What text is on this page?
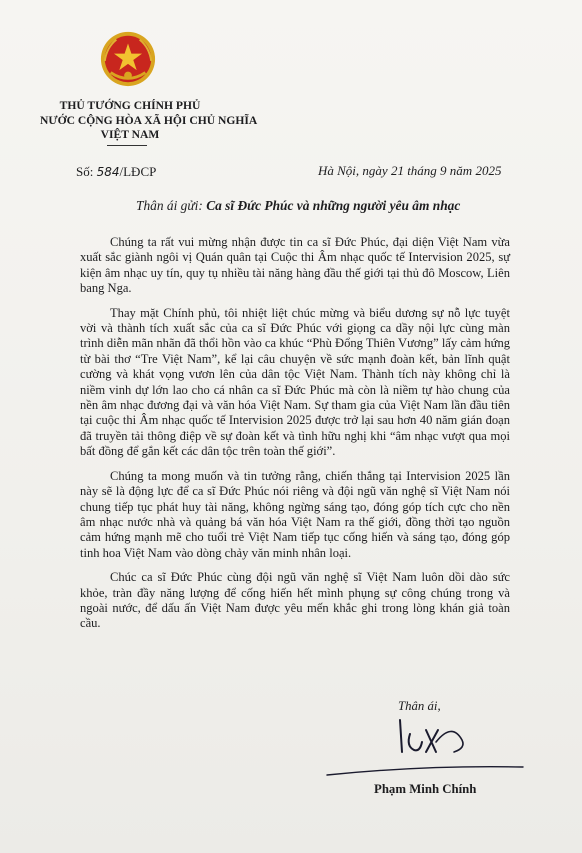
THỦ TƯỚNG CHÍNH PHỦ
NƯỚC CỘNG HÒA XÃ HỘI CHỦ NGHĨA
VIỆT NAM
Số: 584/LĐCP	Hà Nội, ngày 21 tháng 9 năm 2025
Thân ái gửi: Ca sĩ Đức Phúc và những người yêu âm nhạc

Chúng ta rất vui mừng nhận được tin ca sĩ Đức Phúc, đại diện Việt Nam vừa xuất sắc giành ngôi vị Quán quân tại Cuộc thi Âm nhạc quốc tế Intervision 2025, sự kiện âm nhạc uy tín, quy tụ nhiều tài năng hàng đầu thế giới tại thủ đô Moscow, Liên bang Nga.

Thay mặt Chính phủ, tôi nhiệt liệt chúc mừng và biểu dương sự nỗ lực tuyệt vời và thành tích xuất sắc của ca sĩ Đức Phúc với giọng ca dầy nội lực cùng màn trình diễn mãn nhãn đã thổi hồn vào ca khúc “Phù Đổng Thiên Vương” lấy cảm hứng từ bài thơ “Tre Việt Nam”, kể lại câu chuyện về sức mạnh đoàn kết, bản lĩnh quật cường và khát vọng vươn lên của dân tộc Việt Nam. Thành tích này không chỉ là niềm vinh dự lớn lao cho cá nhân ca sĩ Đức Phúc mà còn là niềm tự hào chung của nền âm nhạc đương đại và văn hóa Việt Nam. Sự tham gia của Việt Nam lần đầu tiên tại cuộc thi Âm nhạc quốc tế Intervision 2025 được trở lại sau hơn 40 năm gián đoạn đã truyền tải thông điệp về sự đoàn kết và tình hữu nghị khi “âm nhạc vượt qua mọi bất đồng để gắn kết các dân tộc trên toàn thế giới”.

Chúng ta mong muốn và tin tưởng rằng, chiến thắng tại Intervision 2025 lần này sẽ là động lực để ca sĩ Đức Phúc nói riêng và đội ngũ văn nghệ sĩ Việt Nam nói chung tiếp tục phát huy tài năng, không ngừng sáng tạo, đóng góp tích cực cho nền âm nhạc nước nhà và quảng bá văn hóa Việt Nam ra thế giới, đồng thời tạo nguồn cảm hứng mạnh mẽ cho tuổi trẻ Việt Nam tiếp tục cống hiến và sáng tạo, đóng góp tinh hoa Việt Nam vào dòng chảy văn minh nhân loại.

Chúc ca sĩ Đức Phúc cùng đội ngũ văn nghệ sĩ Việt Nam luôn dồi dào sức khỏe, tràn đầy năng lượng để cống hiến hết mình phụng sự công chúng trong và ngoài nước, để dấu ấn Việt Nam được yêu mến khắc ghi trong lòng khán giả toàn cầu.

Thân ái,
Phạm Minh Chính
